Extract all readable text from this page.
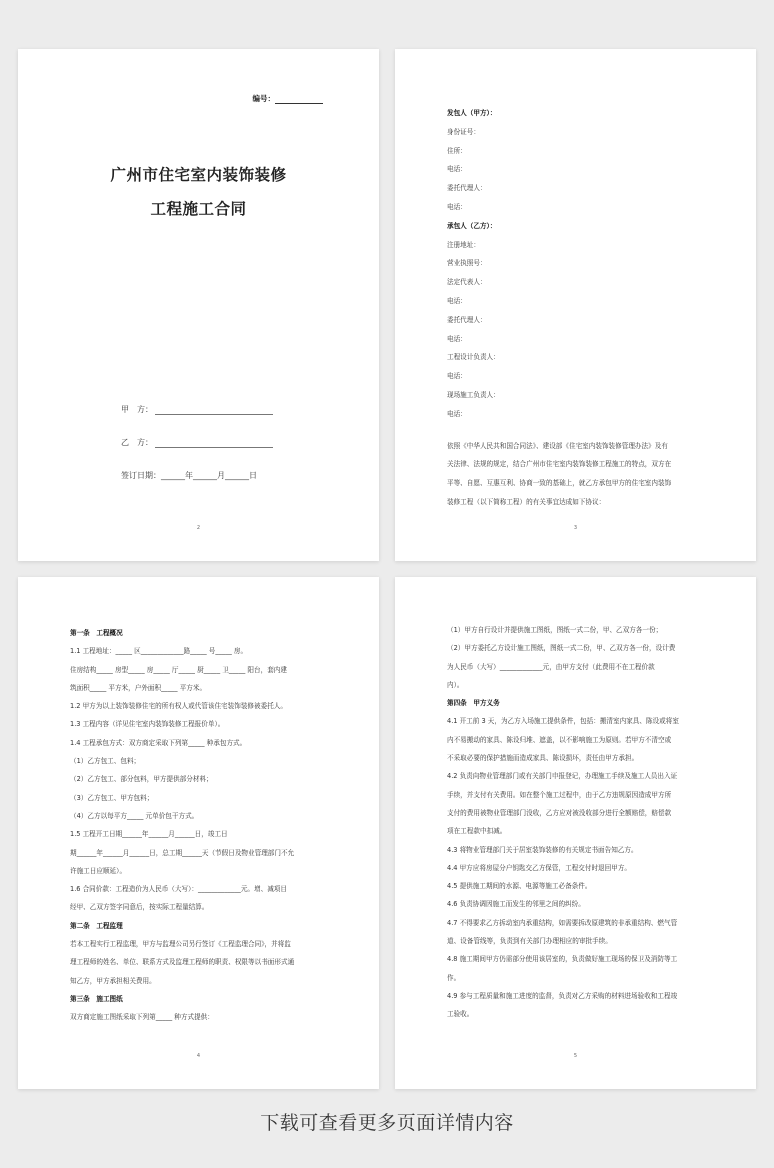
编号：
广州市住宅室内装饰装修
工程施工合同
甲　方：
乙　方：
签订日期：______年______月______日
2
发包人（甲方）：
身份证号：
住所：
电话：
委托代理人：
电话：
承包人（乙方）：
注册地址：
营业执照号：
法定代表人：
电话：
委托代理人：
电话：
工程设计负责人：
电话：
现场施工负责人：
电话：
依照《中华人民共和国合同法》、建设部《住宅室内装饰装修管理办法》及有
关法律、法规的规定，结合广州市住宅室内装饰装修工程施工的特点，双方在
平等、自愿、互惠互利、协商一致的基础上，就乙方承包甲方的住宅室内装饰
装修工程（以下简称工程）的有关事宜达成如下协议：
3
第一条　工程概况
1.1 工程地址：_____ 区_____________路_____ 号_____ 房。
住房结构_____ 房型_____ 房_____ 厅_____ 厨_____ 卫_____ 阳台，套内建
筑面积_____ 平方米，户外面积_____ 平方米。
1.2 甲方为以上装饰装修住宅的所有权人或代管该住宅装饰装修被委托人。
1.3 工程内容（详见住宅室内装饰装修工程报价单）。
1.4 工程承包方式：双方商定采取下列第_____ 种承包方式。
（1）乙方包工、包料；
（2）乙方包工、部分包料，甲方提供部分材料；
（3）乙方包工、甲方包料；
（4）乙方以每平方_____ 元单价包干方式。
1.5 工程开工日期______年______月______日，竣工日
期______年______月______日，总工期______天（节假日及物业管理部门不允
许施工日应顺延）。
1.6 合同价款：工程造价为人民币（大写）：_____________元。增、减项目
经甲、乙双方签字同意后，按实际工程量结算。
第二条　工程监理
若本工程实行工程监理，甲方与监理公司另行签订《工程监理合同》，并将监
理工程师的姓名、单位、联系方式及监理工程师的职责、权限等以书面形式通
知乙方，甲方承担相关费用。
第三条　施工图纸
双方商定施工图纸采取下列第_____ 种方式提供：
4
（1）甲方自行设计并提供施工图纸，图纸一式二份，甲、乙双方各一份；
（2）甲方委托乙方设计施工图纸，图纸一式二份，甲、乙双方各一份，设计费
为人民币（大写）_____________元，由甲方支付（此费用不在工程价款
内）。
第四条　甲方义务
4.1 开工前 3 天，为乙方入场施工提供条件，包括：搬清室内家具、陈设或将室
内不易搬动的家具、陈设归堆、遮盖，以不影响施工为原则。若甲方不清空或
不采取必要的保护措施而造成家具、陈设损坏，责任由甲方承担。
4.2 负责向物业管理部门或有关部门申报登记，办理施工手续及施工人员出入证
手续，并支付有关费用。如在整个施工过程中，由于乙方违规原因造成甲方所
支付的费用被物业管理部门没收，乙方应对被没收部分进行全额赔偿，赔偿款
项在工程款中扣减。
4.3 将物业管理部门关于居室装饰装修的有关规定书面告知乙方。
4.4 甲方应将房屋分户钥匙交乙方保管，工程交付时退回甲方。
4.5 提供施工期间的水源、电源等施工必备条件。
4.6 负责协调因施工而发生的邻里之间的纠纷。
4.7 不得要求乙方拆动室内承重结构，如需要拆改原建筑的非承重结构、燃气管
道、设备管线等，负责到有关部门办理相应的审批手续。
4.8 施工期间甲方仍需部分使用该居室的，负责做好施工现场的保卫及消防等工
作。
4.9 参与工程质量和施工进度的监督，负责对乙方采购的材料进场验收和工程竣
工验收。
5
下载可查看更多页面详情内容
